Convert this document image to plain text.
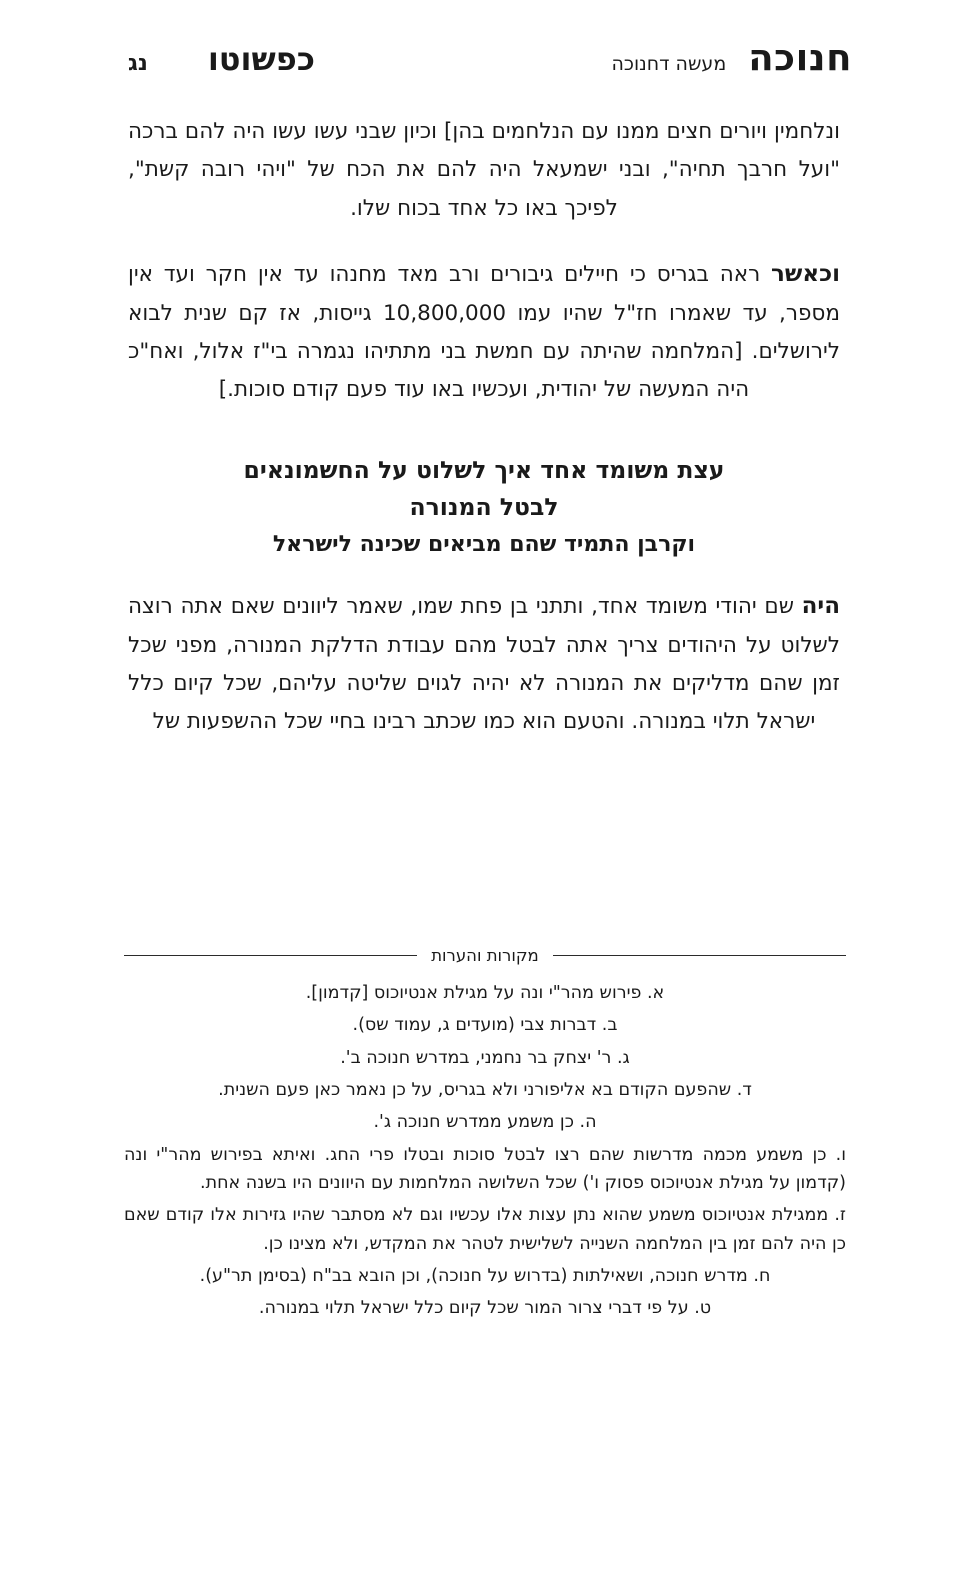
חנוכה
מעשה דחנוכה
כפשוטו
נג

ונלחמין ויורים חצים ממנו עם הנלחמים בהן] וכיון שבני עשו עשו היה להם ברכה "ועל חרבך תחיה", ובני ישמעאל היה להם את הכח של "ויהי רובה קשת", לפיכך באו כל אחד בכוח שלו.

וכאשר ראה בגריס כי חיילים גיבורים ורב מאד מחנהו עד אין חקר ועד אין מספר, עד שאמרו חז"ל שהיו עמו 10,800,000 גייסות, אז קם שנית לבוא לירושלים. [המלחמה שהיתה עם חמשת בני מתתיהו נגמרה בי"ז אלול, ואח"כ היה המעשה של יהודית, ועכשיו באו עוד פעם קודם סוכות.]

עצת משומד אחד איך לשלוט על החשמונאים לבטל המנורה
וקרבן התמיד שהם מביאים שכינה לישראל

היה שם יהודי משומד אחד, ותתני בן פחת שמו, שאמר ליוונים שאם אתה רוצה לשלוט על היהודים צריך אתה לבטל מהם עבודת הדלקת המנורה, מפני שכל זמן שהם מדליקים את המנורה לא יהיה לגוים שליטה עליהם, שכל קיום כלל ישראל תלוי במנורה. והטעם הוא כמו שכתב רבינו בחיי שכל ההשפעות של

מקורות והערות

א. פירוש מהר"י ונה על מגילת אנטיוכוס [קדמון].

ב. דברות צבי (מועדים ג, עמוד שס).

ג. ר' יצחק בר נחמני, במדרש חנוכה ב'.

ד. שהפעם הקודם בא אליפורני ולא בגריס, על כן נאמר כאן פעם השנית.

ה. כן משמע ממדרש חנוכה ג'.

ו. כן משמע מכמה מדרשות שהם רצו לבטל סוכות ובטלו פרי החג. ואיתא בפירוש מהר"י ונה (קדמון על מגילת אנטיוכוס פסוק ו') שכל השלושה המלחמות עם היוונים היו בשנה אחת.

ז. ממגילת אנטיוכוס משמע שהוא נתן עצות אלו עכשיו וגם לא מסתבר שהיו גזירות אלו קודם שאם כן היה להם זמן בין המלחמה השנייה לשלישית לטהר את המקדש, ולא מצינו כן.

ח. מדרש חנוכה, ושאילתות (בדרוש על חנוכה), וכן הובא בב"ח (בסימן תר"ע).

ט. על פי דברי צרור המור שכל קיום כלל ישראל תלוי במנורה.
